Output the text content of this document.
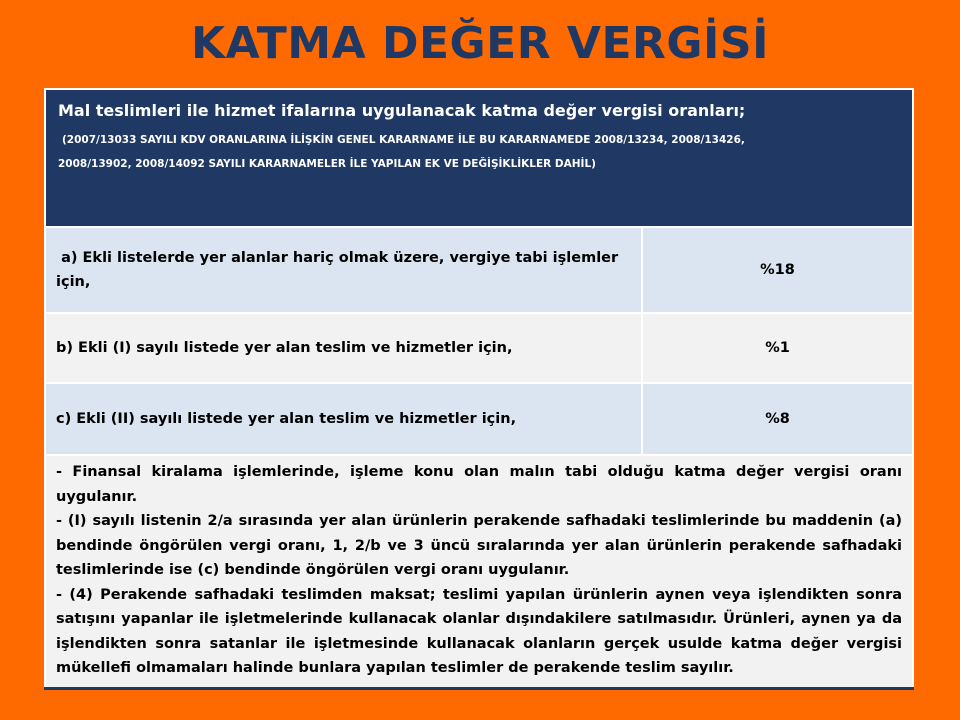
KATMA DEĞER VERGİSİ
Mal teslimleri ile hizmet ifalarına uygulanacak katma değer vergisi oranları;
(2007/13033 SAYILI KDV ORANLARINA İLİŞKİN GENEL KARARNAME İLE BU KARARNAMEDE 2008/13234, 2008/13426,
2008/13902, 2008/14092 SAYILI KARARNAMELER İLE YAPILAN EK VE DEĞİŞİKLİKLER DAHİL)	

a) Ekli listelerde yer alanlar hariç olmak üzere, vergiye tabi işlemler için,	%18
b) Ekli (I) sayılı listede yer alan teslim ve hizmetler için,	%1
c) Ekli (II) sayılı listede yer alan teslim ve hizmetler için,	%8

- Finansal kiralama işlemlerinde, işleme konu olan malın tabi olduğu katma değer vergisi oranı uygulanır.

- (I) sayılı listenin 2/a sırasında yer alan ürünlerin perakende safhadaki teslimlerinde bu maddenin (a) bendinde öngörülen vergi oranı, 1, 2/b ve 3 üncü sıralarında yer alan ürünlerin perakende safhadaki teslimlerinde ise (c) bendinde öngörülen vergi oranı uygulanır.

- (4) Perakende safhadaki teslimden maksat; teslimi yapılan ürünlerin aynen veya işlendikten sonra satışını yapanlar ile işletmelerinde kullanacak olanlar dışındakilere satılmasıdır. Ürünleri, aynen ya da işlendikten sonra satanlar ile işletmesinde kullanacak olanların gerçek usulde katma değer vergisi mükellefi olmamaları halinde bunlara yapılan teslimler de perakende teslim sayılır.	
